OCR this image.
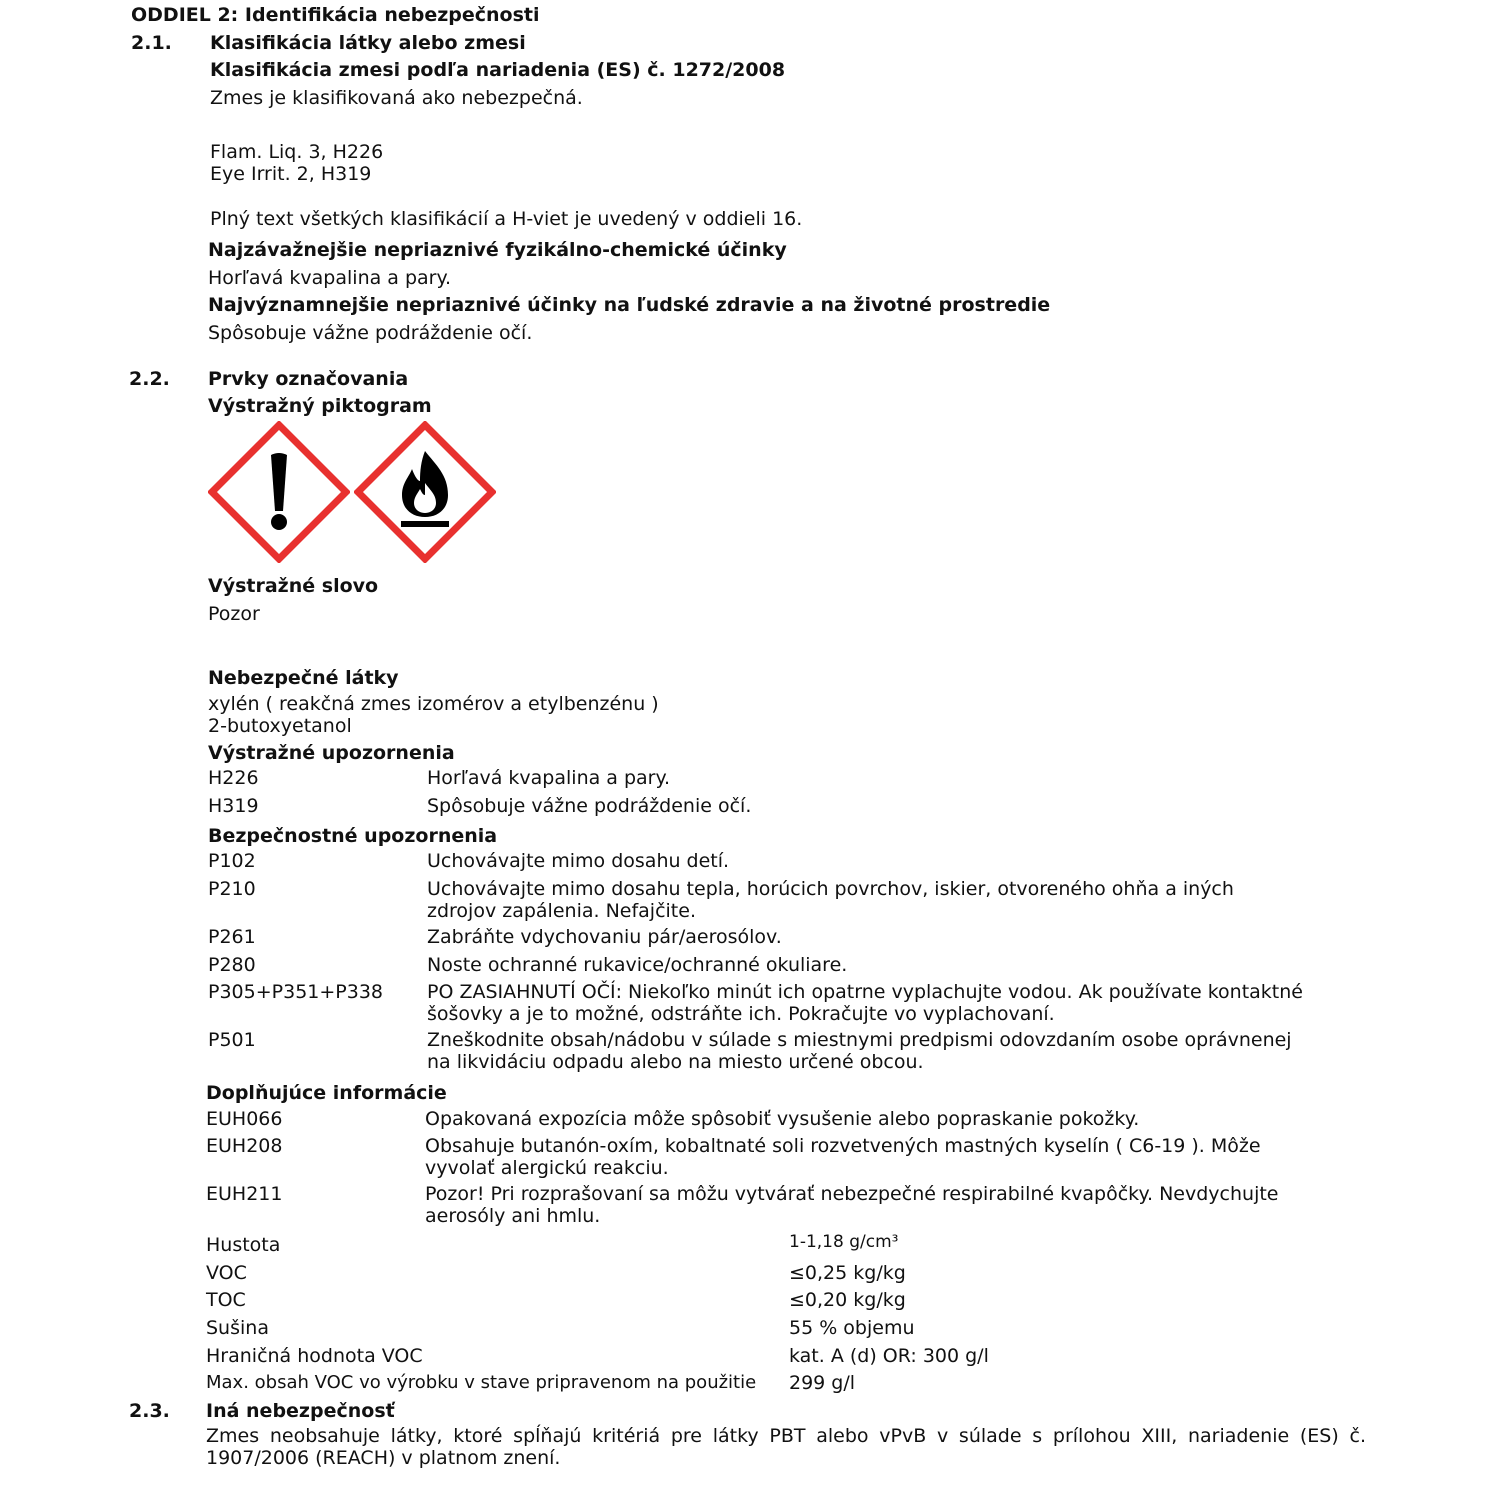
ODDIEL 2: Identifikácia nebezpečnosti
2.1. Klasifikácia látky alebo zmesi
Klasifikácia zmesi podľa nariadenia (ES) č. 1272/2008
Zmes je klasifikovaná ako nebezpečná.
Flam. Liq. 3, H226
Eye Irrit. 2, H319
Plný text všetkých klasifikácií a H-viet je uvedený v oddieli 16.
Najzávažnejšie nepriaznivé fyzikálno-chemické účinky
Horľavá kvapalina a pary.
Najvýznamnejšie nepriaznivé účinky na ľudské zdravie a na životné prostredie
Spôsobuje vážne podráždenie očí.
2.2. Prvky označovania
Výstražný piktogram
Výstražné slovo
Pozor
Nebezpečné látky
xylén ( reakčná zmes izomérov a etylbenzénu )
2-butoxyetanol
Výstražné upozornenia
H226	Horľavá kvapalina a pary.
H319	Spôsobuje vážne podráždenie očí.
Bezpečnostné upozornenia
P102	Uchovávajte mimo dosahu detí.
P210	Uchovávajte mimo dosahu tepla, horúcich povrchov, iskier, otvoreného ohňa a iných zdrojov zapálenia. Nefajčite.
P261	Zabráňte vdychovaniu pár/aerosólov.
P280	Noste ochranné rukavice/ochranné okuliare.
P305+P351+P338 PO ZASIAHNUTÍ OČÍ: Niekoľko minút ich opatrne vyplachujte vodou. Ak používate kontaktné šošovky a je to možné, odstráňte ich. Pokračujte vo vyplachovaní.
P501	Zneškodnite obsah/nádobu v súlade s miestnymi predpismi odovzdaním osobe oprávnenej na likvidáciu odpadu alebo na miesto určené obcou.
Doplňujúce informácie
EUH066	Opakovaná expozícia môže spôsobiť vysušenie alebo popraskanie pokožky.
EUH208	Obsahuje butanón-oxím, kobaltnaté soli rozvetvených mastných kyselín ( C6-19 ). Môže vyvolať alergickú reakciu.
EUH211	Pozor! Pri rozprašovaní sa môžu vytvárať nebezpečné respirabilné kvapôčky. Nevdychujte aerosóly ani hmlu.
Hustota	1-1,18 g/cm³
VOC	≤0,25 kg/kg
TOC	≤0,20 kg/kg
Sušina	55 % objemu
Hraničná hodnota VOC	kat. A (d) OR: 300 g/l
Max. obsah VOC vo výrobku v stave pripravenom na použitie 299 g/l
2.3. Iná nebezpečnosť
Zmes neobsahuje látky, ktoré spĺňajú kritériá pre látky PBT alebo vPvB v súlade s prílohou XIII, nariadenie (ES) č. 1907/2006 (REACH) v platnom znení.
